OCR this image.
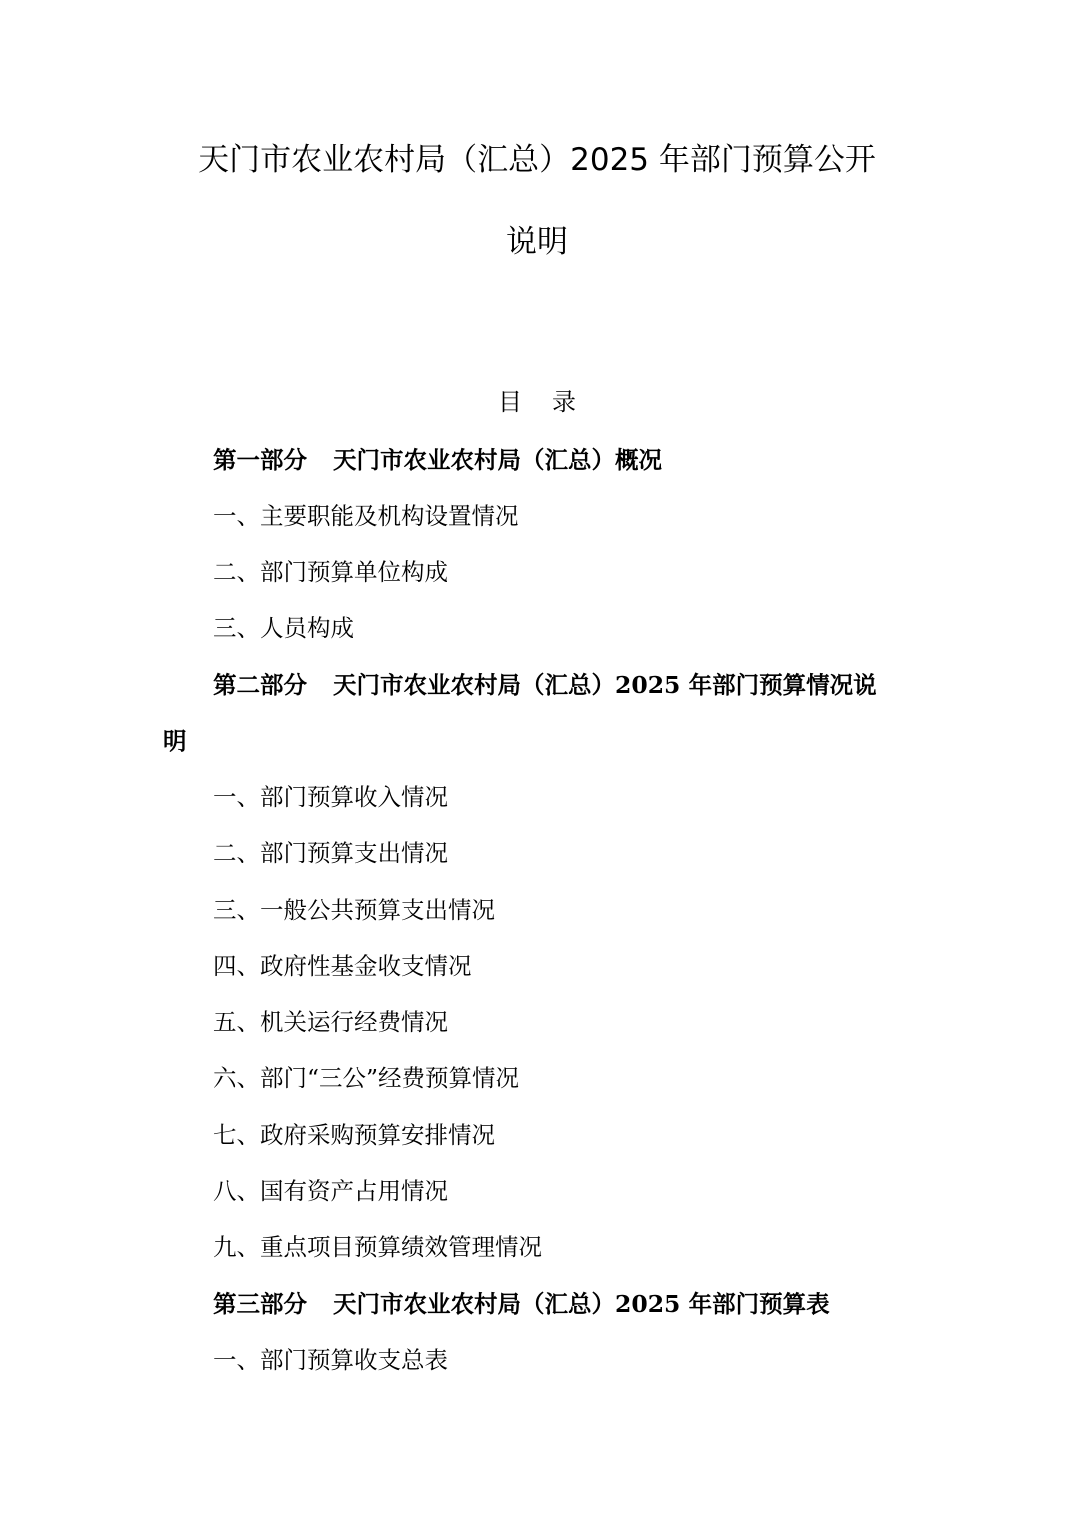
天门市农业农村局（汇总）2025 年部门预算公开
说明
目 录
第一部分 天门市农业农村局（汇总）概况
一、主要职能及机构设置情况
二、部门预算单位构成
三、人员构成
第二部分 天门市农业农村局（汇总）2025 年部门预算情况说
明
一、部门预算收入情况
二、部门预算支出情况
三、一般公共预算支出情况
四、政府性基金收支情况
五、机关运行经费情况
六、部门“三公”经费预算情况
七、政府采购预算安排情况
八、国有资产占用情况
九、重点项目预算绩效管理情况
第三部分 天门市农业农村局（汇总）2025 年部门预算表
一、部门预算收支总表
